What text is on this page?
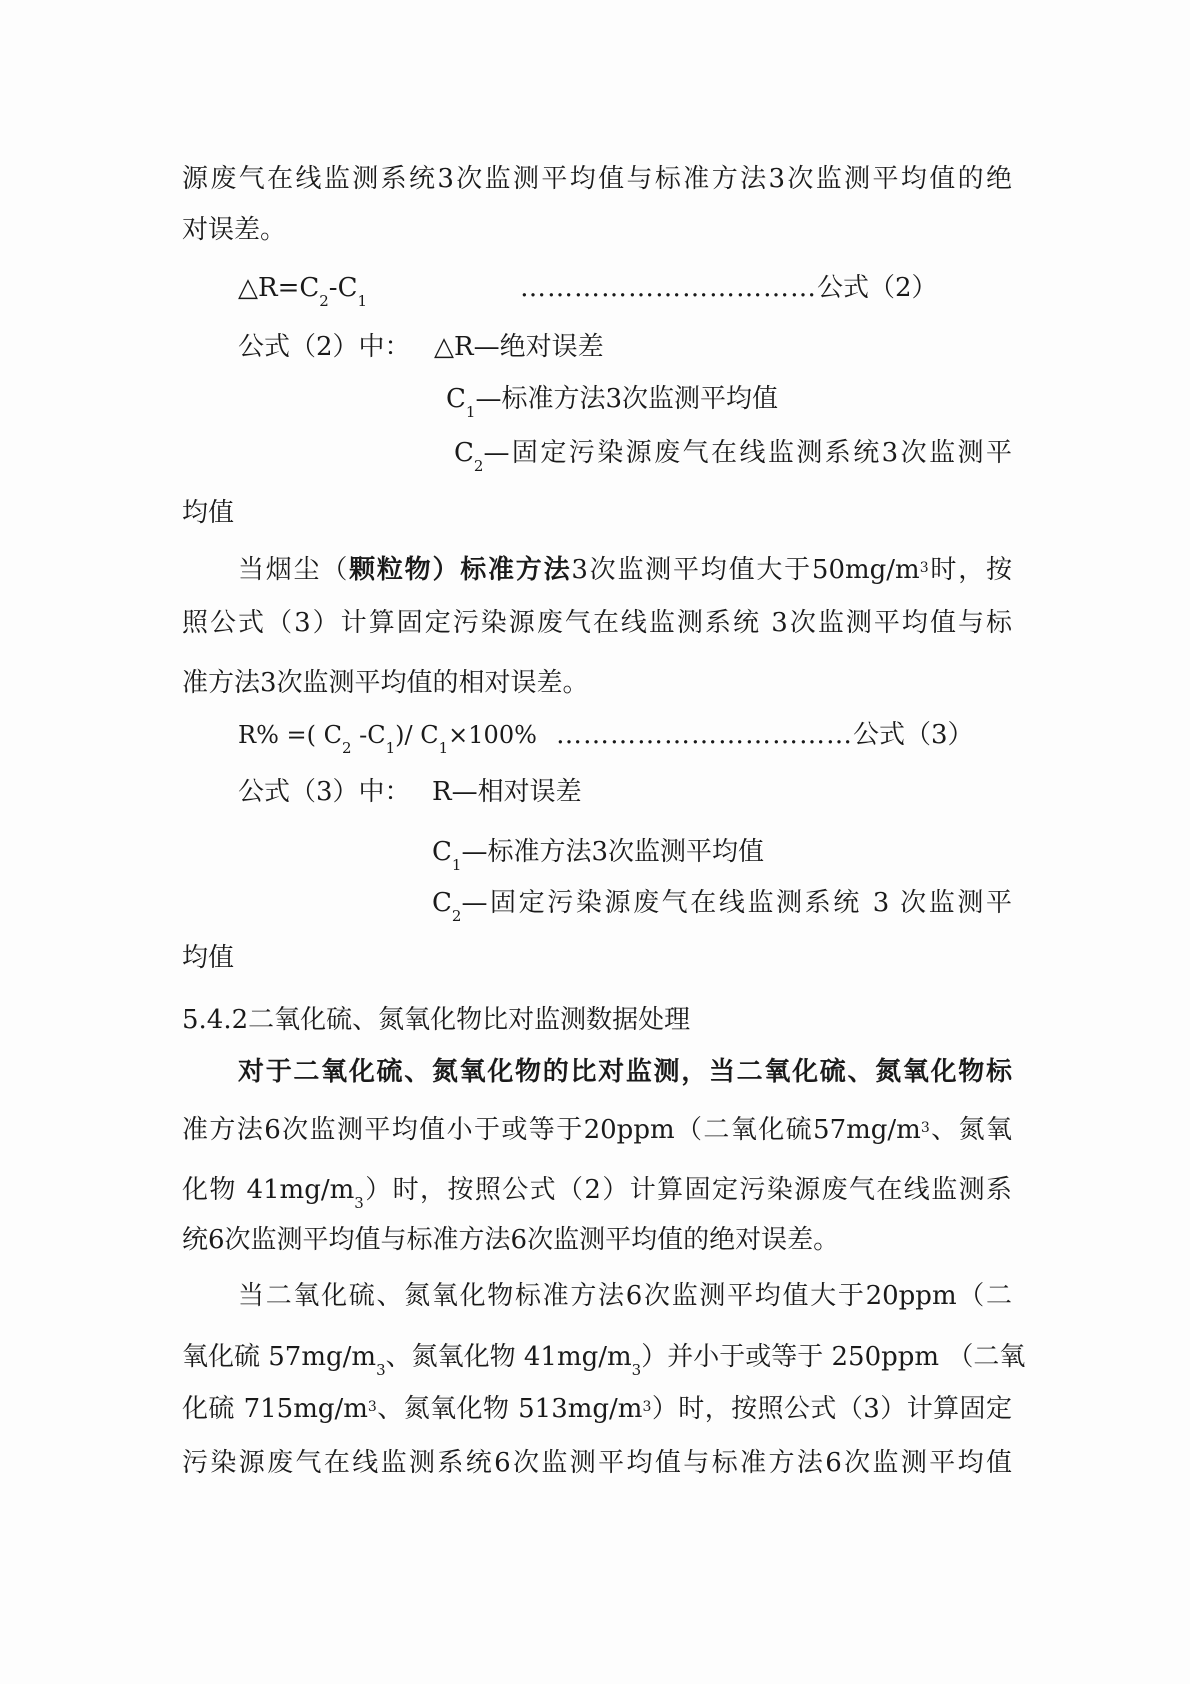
源废气在线监测系统3次监测平均值与标准方法3次监测平均值的绝
对误差。
$\triangle R=C_2-C_1$	……………………………公式（2）
公式（2）中： △R—绝对误差
$C_1—$标准方法3次监测平均值
$C_2—$固定污染源废气在线监测系统3次监测平
均值
当烟尘（颗粒物）标准方法3次监测平均值大于$50mg/m^3$时，按
照公式（3）计算固定污染源废气在线监测系统 3次监测平均值与标
准方法3次监测平均值的相对误差。
R% =( $C_2$ $-C_1)/$ $C_1\times 100\%$ ……………………………公式（3）
公式（3）中： R—相对误差
$C_1—$标准方法3次监测平均值
$C_2—$固定污染源废气在线监测系统 3 次监测平
均值
5.4.2二氧化硫、氮氧化物比对监测数据处理
对于二氧化硫、氮氧化物的比对监测，当二氧化硫、氮氧化物标
准方法6次监测平均值小于或等于20ppm（二氧化硫$57mg/m^3$、氮氧
化物 $41mg/m_3$）时，按照公式（2）计算固定污染源废气在线监测系
统6次监测平均值与标准方法6次监测平均值的绝对误差。
当二氧化硫、氮氧化物标准方法6次监测平均值大于20ppm（二
氧化硫 $57mg/m_3$、氮氧化物 $41mg/m_3$）并小于或等于 250ppm （二氧
化硫 $715mg/m^3$、氮氧化物 $513mg/m^3$）时，按照公式（3）计算固定
污染源废气在线监测系统6次监测平均值与标准方法6次监测平均值
